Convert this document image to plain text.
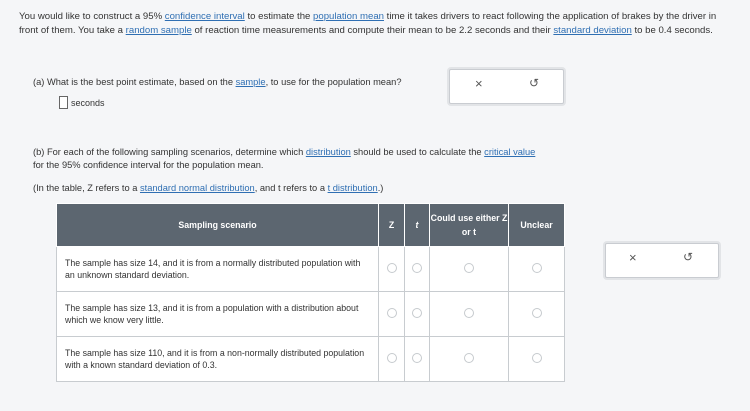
You would like to construct a 95% confidence interval to estimate the population mean time it takes drivers to react following the application of brakes by the driver in front of them. You take a random sample of reaction time measurements and compute their mean to be 2.2 seconds and their standard deviation to be 0.4 seconds.
(a) What is the best point estimate, based on the sample, to use for the population mean?
seconds
×	↺
(b) For each of the following sampling scenarios, determine which distribution should be used to calculate the critical value
for the 95% confidence interval for the population mean.
(In the table, Z refers to a standard normal distribution, and t refers to a t distribution.)
Sampling scenario	Z	t	Could use either Z or t	Unclear

The sample has size 14, and it is from a normally distributed population with an unknown standard deviation.				

The sample has size 13, and it is from a population with a distribution about which we know very little.				

The sample has size 110, and it is from a non-normally distributed population with a known standard deviation of 0.3.				

×	↺
